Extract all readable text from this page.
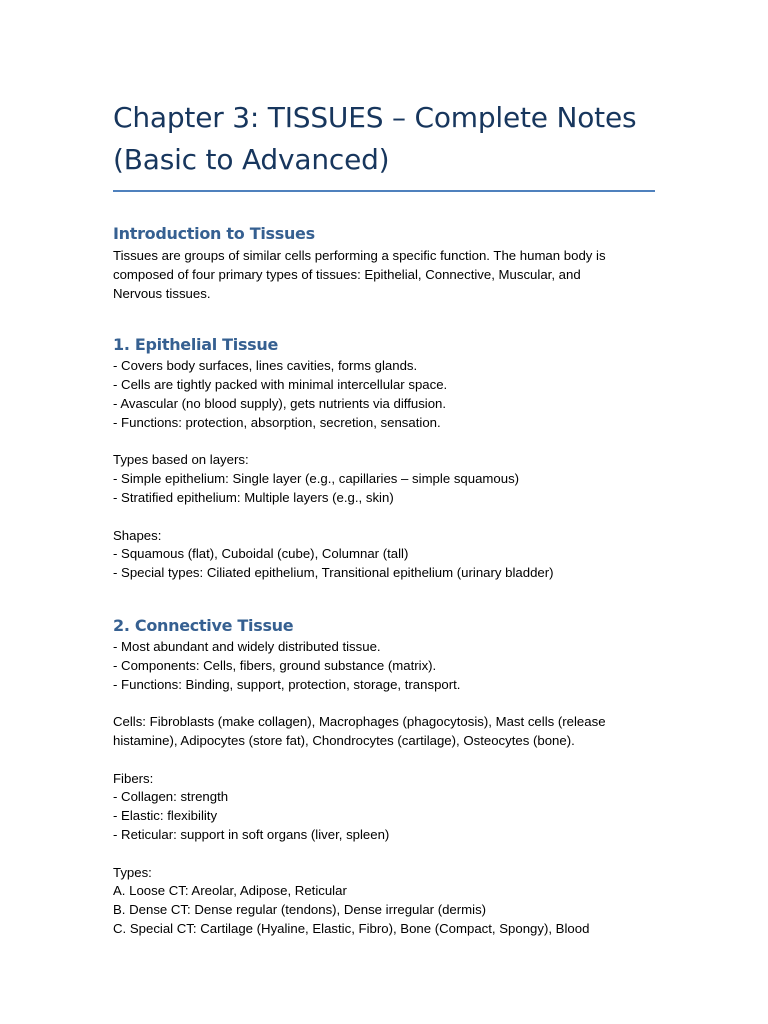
Chapter 3: TISSUES – Complete Notes
(Basic to Advanced)
Introduction to Tissues

Tissues are groups of similar cells performing a specific function. The human body is
composed of four primary types of tissues: Epithelial, Connective, Muscular, and
Nervous tissues.

1. Epithelial Tissue
- Covers body surfaces, lines cavities, forms glands.
- Cells are tightly packed with minimal intercellular space.
- Avascular (no blood supply), gets nutrients via diffusion.
- Functions: protection, absorption, secretion, sensation.
Types based on layers:
- Simple epithelium: Single layer (e.g., capillaries – simple squamous)
- Stratified epithelium: Multiple layers (e.g., skin)
Shapes:
- Squamous (flat), Cuboidal (cube), Columnar (tall)
- Special types: Ciliated epithelium, Transitional epithelium (urinary bladder)
2. Connective Tissue
- Most abundant and widely distributed tissue.
- Components: Cells, fibers, ground substance (matrix).
- Functions: Binding, support, protection, storage, transport.
Cells: Fibroblasts (make collagen), Macrophages (phagocytosis), Mast cells (release
histamine), Adipocytes (store fat), Chondrocytes (cartilage), Osteocytes (bone).
Fibers:
- Collagen: strength
- Elastic: flexibility
- Reticular: support in soft organs (liver, spleen)
Types:
A. Loose CT: Areolar, Adipose, Reticular
B. Dense CT: Dense regular (tendons), Dense irregular (dermis)
C. Special CT: Cartilage (Hyaline, Elastic, Fibro), Bone (Compact, Spongy), Blood
